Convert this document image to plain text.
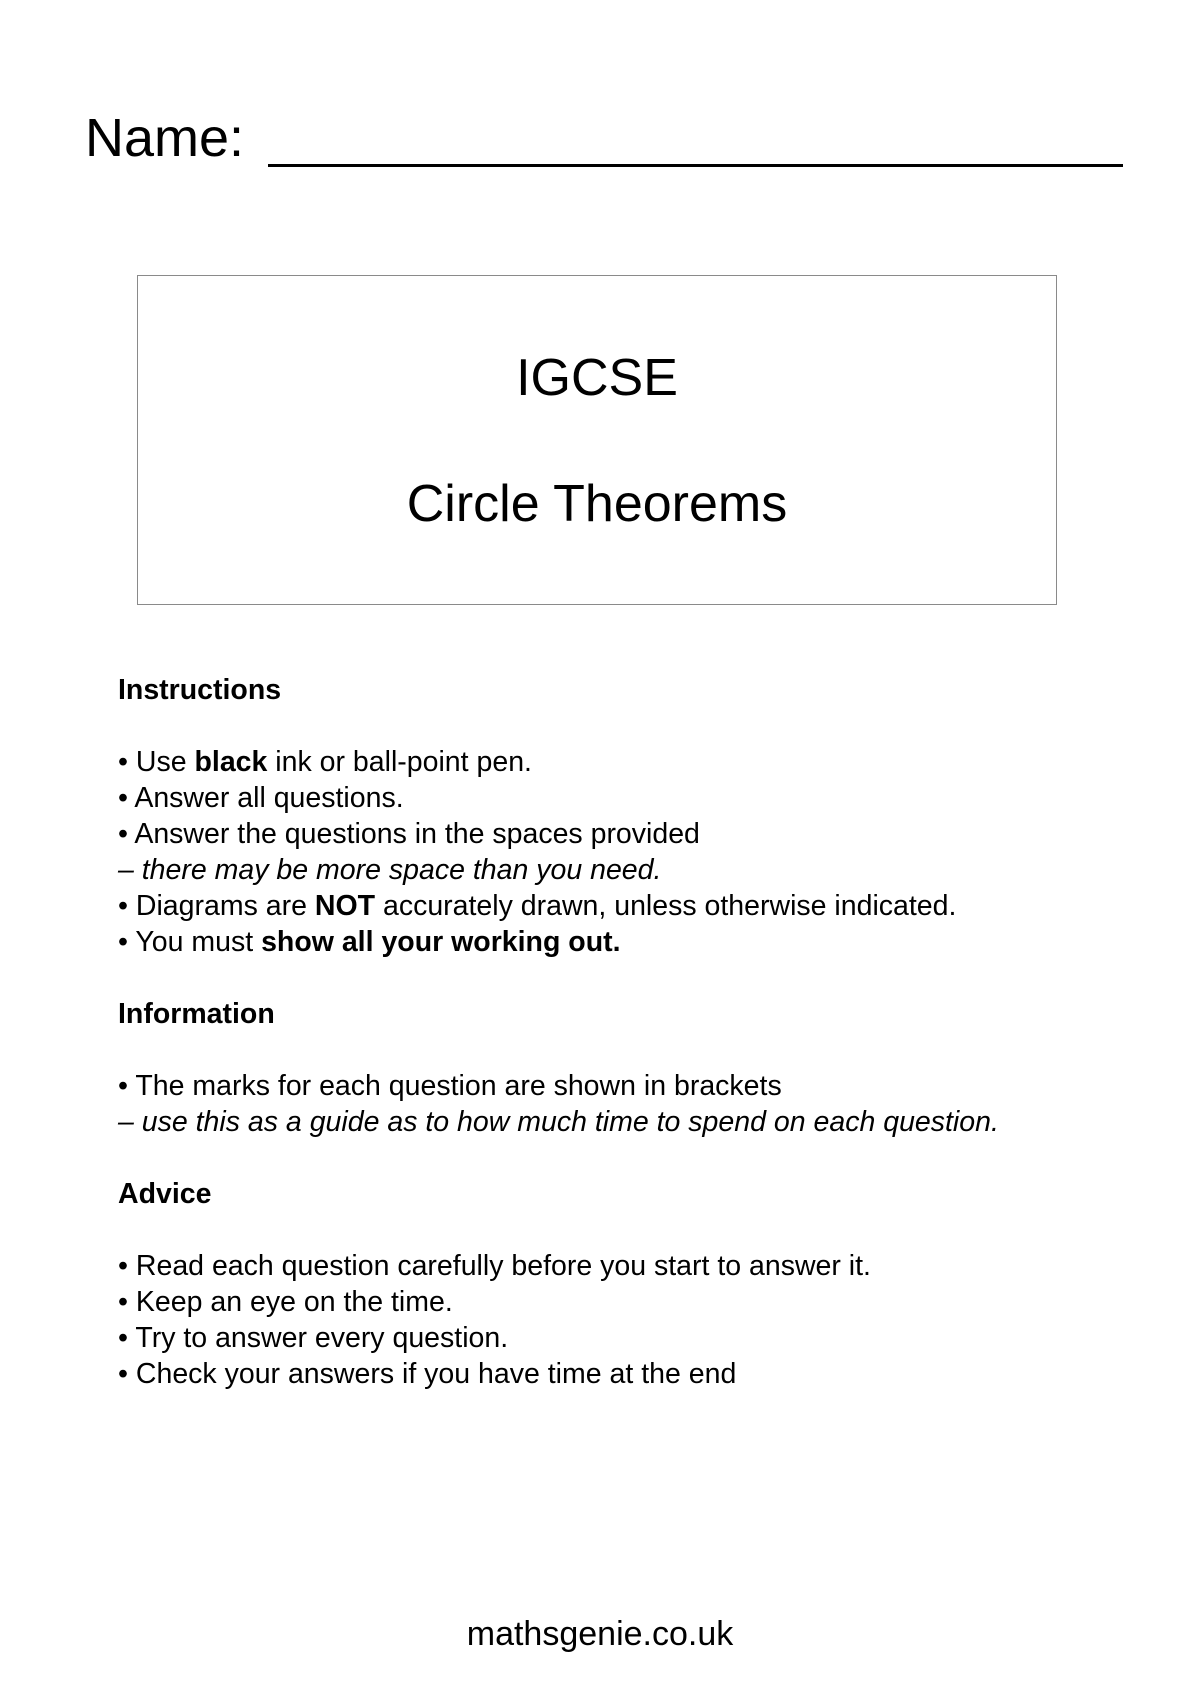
Name:
IGCSE
Circle Theorems
Instructions
• Use black ink or ball-point pen.
• Answer all questions.
• Answer the questions in the spaces provided
– there may be more space than you need.
• Diagrams are NOT accurately drawn, unless otherwise indicated.
• You must show all your working out.
Information
• The marks for each question are shown in brackets
– use this as a guide as to how much time to spend on each question.
Advice
• Read each question carefully before you start to answer it.
• Keep an eye on the time.
• Try to answer every question.
• Check your answers if you have time at the end
mathsgenie.co.uk
